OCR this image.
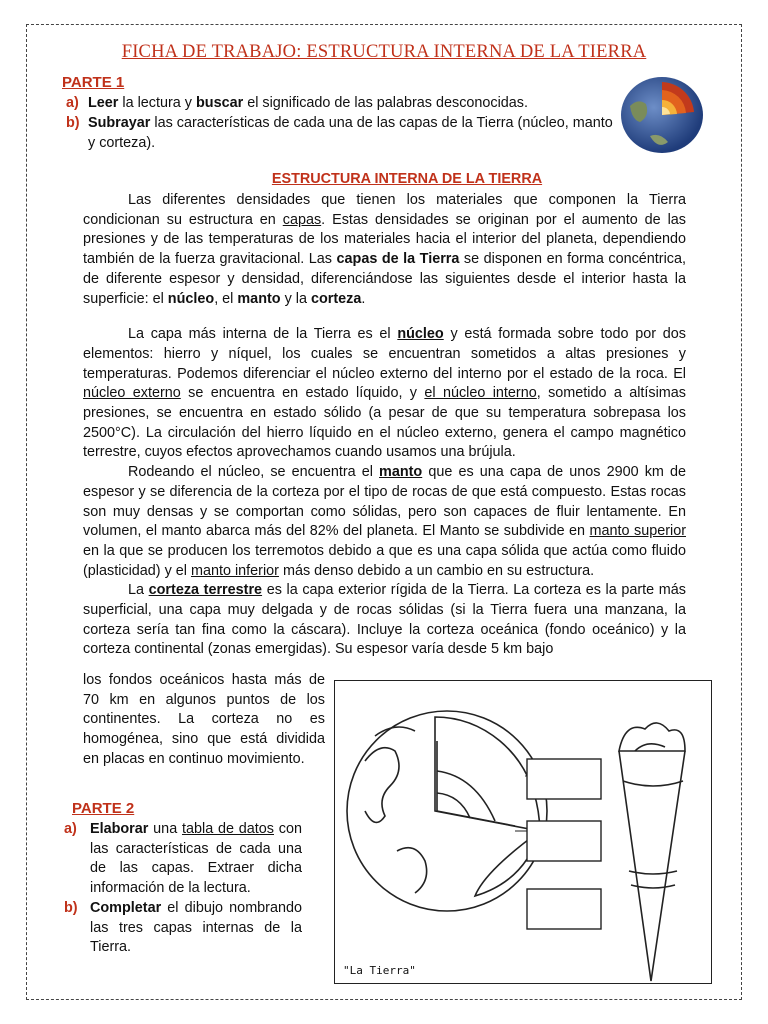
FICHA DE TRABAJO: ESTRUCTURA INTERNA DE LA TIERRA
PARTE 1
a) Leer la lectura y buscar el significado de las palabras desconocidas.
b) Subrayar las características de cada una de las capas de la Tierra (núcleo, manto y corteza).
ESTRUCTURA INTERNA DE LA TIERRA

Las diferentes densidades que tienen los materiales que componen la Tierra condicionan su estructura en capas. Estas densidades se originan por el aumento de las presiones y de las temperaturas de los materiales hacia el interior del planeta, dependiendo también de la fuerza gravitacional. Las capas de la Tierra se disponen en forma concéntrica, de diferente espesor y densidad, diferenciándose las siguientes desde el interior hasta la superficie: el núcleo, el manto y la corteza.

La capa más interna de la Tierra es el núcleo y está formada sobre todo por dos elementos: hierro y níquel, los cuales se encuentran sometidos a altas presiones y temperaturas. Podemos diferenciar el núcleo externo del interno por el estado de la roca. El núcleo externo se encuentra en estado líquido, y el núcleo interno, sometido a altísimas presiones, se encuentra en estado sólido (a pesar de que su temperatura sobrepasa los 2500°C). La circulación del hierro líquido en el núcleo externo, genera el campo magnético terrestre, cuyos efectos aprovechamos cuando usamos una brújula.

Rodeando el núcleo, se encuentra el manto que es una capa de unos 2900 km de espesor y se diferencia de la corteza por el tipo de rocas de que está compuesto. Estas rocas son muy densas y se comportan como sólidas, pero son capaces de fluir lentamente. En volumen, el manto abarca más del 82% del planeta. El Manto se subdivide en manto superior en la que se producen los terremotos debido a que es una capa sólida que actúa como fluido (plasticidad) y el manto inferior más denso debido a un cambio en su estructura.

La corteza terrestre es la capa exterior rígida de la Tierra. La corteza es la parte más superficial, una capa muy delgada y de rocas sólidas (si la Tierra fuera una manzana, la corteza sería tan fina como la cáscara). Incluye la corteza oceánica (fondo oceánico) y la corteza continental (zonas emergidas). Su espesor varía desde 5 km bajo

los fondos oceánicos hasta más de 70 km en algunos puntos de los continentes. La corteza no es homogénea, sino que está dividida en placas en continuo movimiento.
PARTE 2
a) Elaborar una tabla de datos con las características de cada una de las capas. Extraer dicha información de la lectura.
b) Completar el dibujo nombrando las tres capas internas de la Tierra.
"La Tierra"
